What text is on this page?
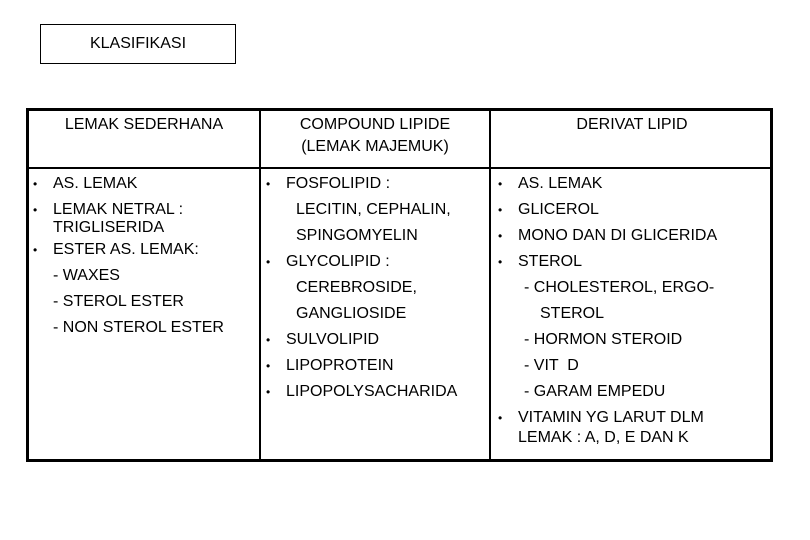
KLASIFIKASI
LEMAK SEDERHANA	COMPOUND LIPIDE
(LEMAK MAJEMUK)
DERIVAT LIPID
• AS. LEMAK
• LEMAK NETRAL :
TRIGLISERIDA
• ESTER AS. LEMAK:
- WAXES
- STEROL ESTER
- NON STEROL ESTER
• FOSFOLIPID :
LECITIN, CEPHALIN,
SPINGOMYELIN
• GLYCOLIPID :
CEREBROSIDE,
GANGLIOSIDE
• SULVOLIPID
• LIPOPROTEIN
• LIPOPOLYSACHARIDA
• AS. LEMAK
• GLICEROL
• MONO DAN DI GLICERIDA
• STEROL
- CHOLESTEROL, ERGO-
STEROL
- HORMON STEROID
- VIT  D
- GARAM EMPEDU
• VITAMIN YG LARUT DLM
LEMAK : A, D, E DAN K
